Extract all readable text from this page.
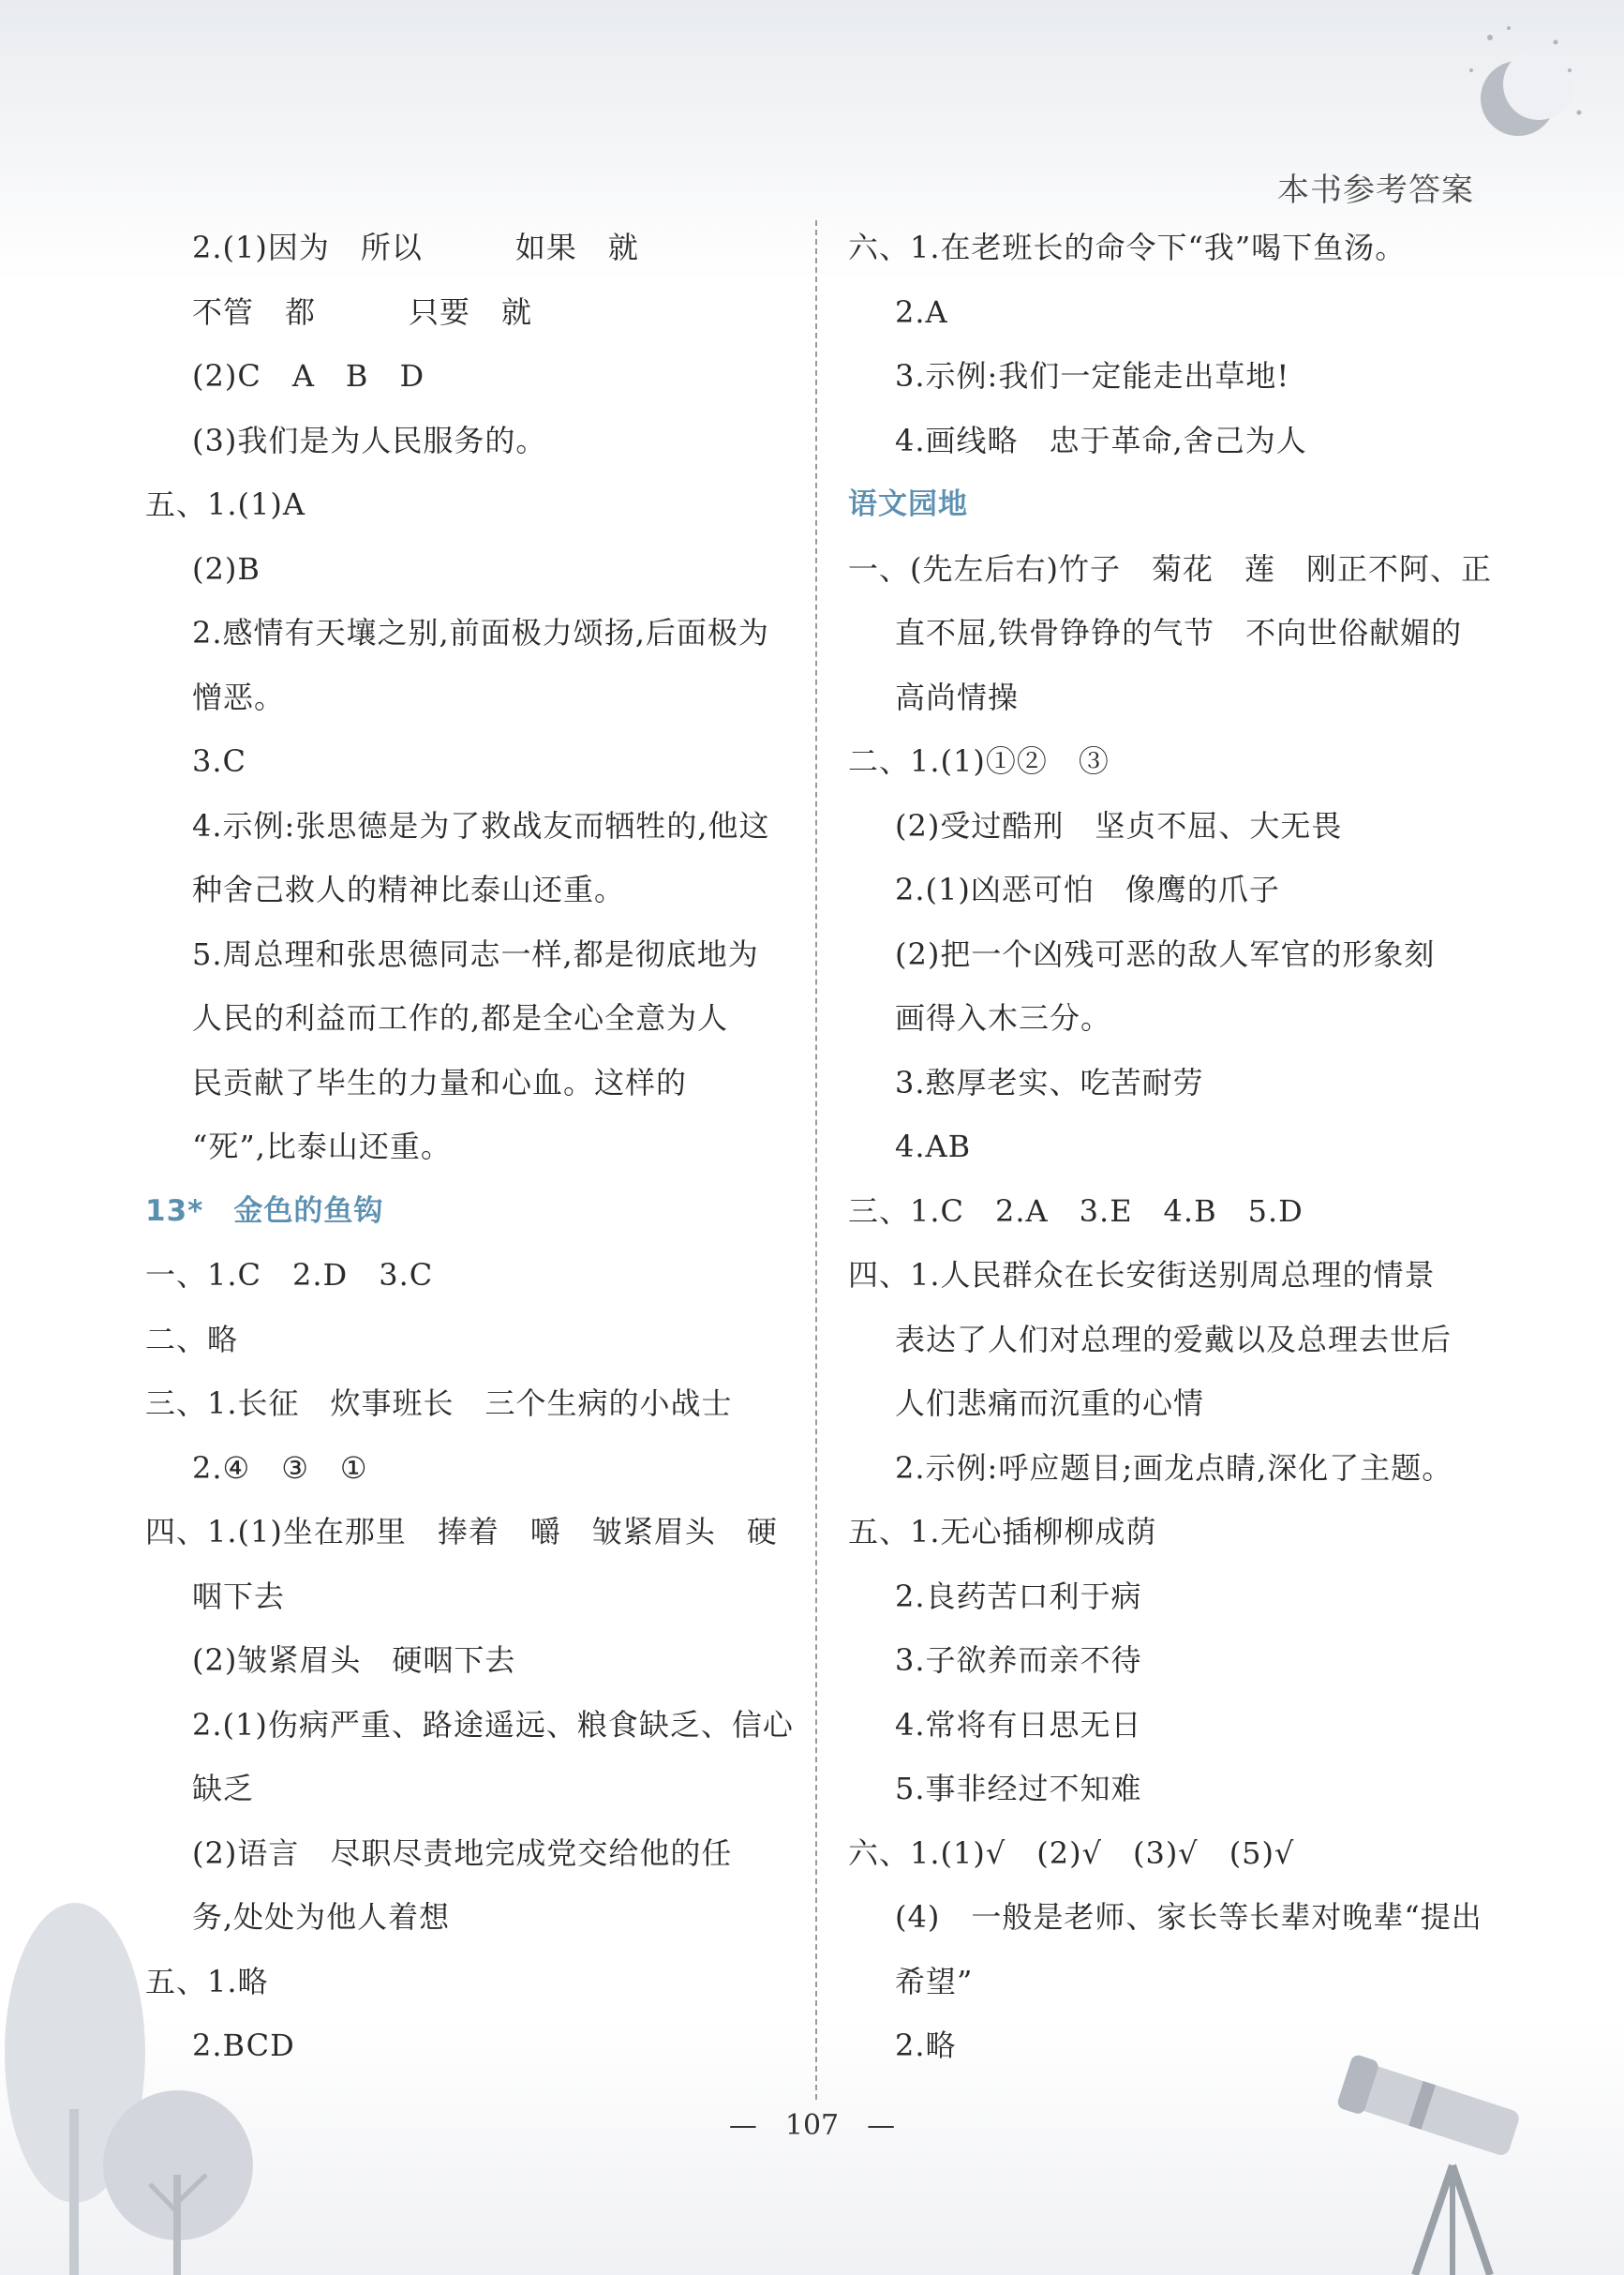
本书参考答案
2.(1)因为　所以　　　如果　就
不管　都　　　只要　就
(2)C　A　B　D
(3)我们是为人民服务的。
五、1.(1)A
(2)B
2.感情有天壤之别,前面极力颂扬,后面极为
憎恶。
3.C
4.示例:张思德是为了救战友而牺牲的,他这
种舍己救人的精神比泰山还重。
5.周总理和张思德同志一样,都是彻底地为
人民的利益而工作的,都是全心全意为人
民贡献了毕生的力量和心血。这样的
“死”,比泰山还重。
13*　金色的鱼钩
一、1.C　2.D　3.C
二、略
三、1.长征　炊事班长　三个生病的小战士
2.④　③　①
四、1.(1)坐在那里　捧着　嚼　皱紧眉头　硬
咽下去
(2)皱紧眉头　硬咽下去
2.(1)伤病严重、路途遥远、粮食缺乏、信心
缺乏
(2)语言　尽职尽责地完成党交给他的任
务,处处为他人着想
五、1.略
2.BCD
六、1.在老班长的命令下“我”喝下鱼汤。
2.A
3.示例:我们一定能走出草地!
4.画线略　忠于革命,舍己为人
语文园地
一、(先左后右)竹子　菊花　莲　刚正不阿、正
直不屈,铁骨铮铮的气节　不向世俗献媚的
高尚情操
二、1.(1)①②　③
(2)受过酷刑　坚贞不屈、大无畏
2.(1)凶恶可怕　像鹰的爪子
(2)把一个凶残可恶的敌人军官的形象刻
画得入木三分。
3.憨厚老实、吃苦耐劳
4.AB
三、1.C　2.A　3.E　4.B　5.D
四、1.人民群众在长安街送别周总理的情景
表达了人们对总理的爱戴以及总理去世后
人们悲痛而沉重的心情
2.示例:呼应题目;画龙点睛,深化了主题。
五、1.无心插柳柳成荫
2.良药苦口利于病
3.子欲养而亲不待
4.常将有日思无日
5.事非经过不知难
六、1.(1)√　(2)√　(3)√　(5)√
(4)　一般是老师、家长等长辈对晚辈“提出
希望”
2.略
—　107　—
